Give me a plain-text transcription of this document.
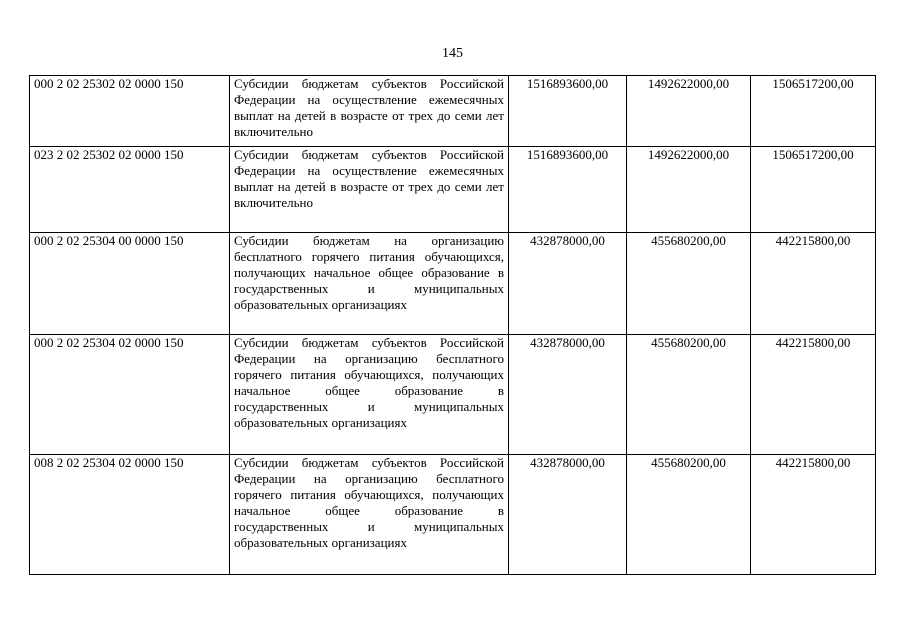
145
000 2 02 25302 02 0000 150	Субсидии бюджетам субъектов Российской Федерации на осуществление ежемесячных выплат на детей в возрасте от трех до семи лет включительно	1516893600,00	1492622000,00	1506517200,00
023 2 02 25302 02 0000 150	Субсидии бюджетам субъектов Российской Федерации на осуществление ежемесячных выплат на детей в возрасте от трех до семи лет включительно	1516893600,00	1492622000,00	1506517200,00
000 2 02 25304 00 0000 150	Субсидии бюджетам на организацию бесплатного горячего питания обучающихся, получающих начальное общее образование в государственных и муниципальных образовательных организациях	432878000,00	455680200,00	442215800,00
000 2 02 25304 02 0000 150	Субсидии бюджетам субъектов Российской Федерации на организацию бесплатного горячего питания обучающихся, получающих начальное общее образование в государственных и муниципальных образовательных организациях	432878000,00	455680200,00	442215800,00
008 2 02 25304 02 0000 150	Субсидии бюджетам субъектов Российской Федерации на организацию бесплатного горячего питания обучающихся, получающих начальное общее образование в государственных и муниципальных образовательных организациях	432878000,00	455680200,00	442215800,00
